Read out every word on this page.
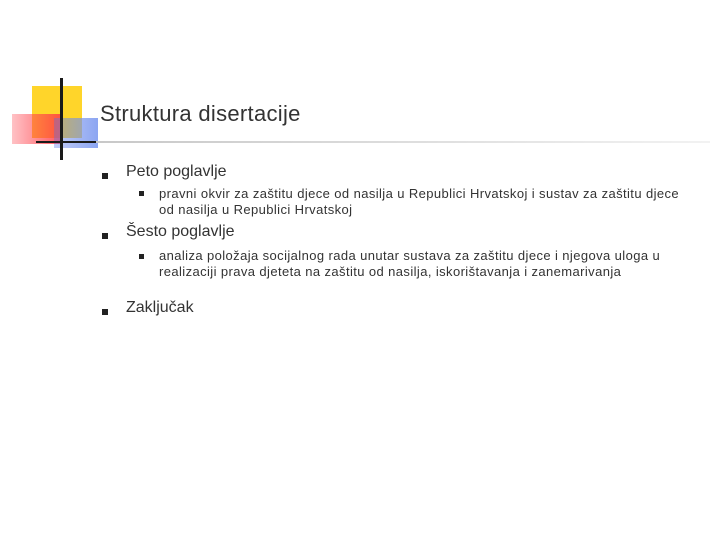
Struktura disertacije
Peto poglavlje
pravni okvir za zaštitu djece od nasilja u Republici Hrvatskoj i sustav za zaštitu djece od nasilja u Republici Hrvatskoj
Šesto poglavlje
analiza položaja socijalnog rada unutar sustava za zaštitu djece i njegova uloga u realizaciji prava djeteta na zaštitu od nasilja, iskorištavanja i zanemarivanja
Zaključak
